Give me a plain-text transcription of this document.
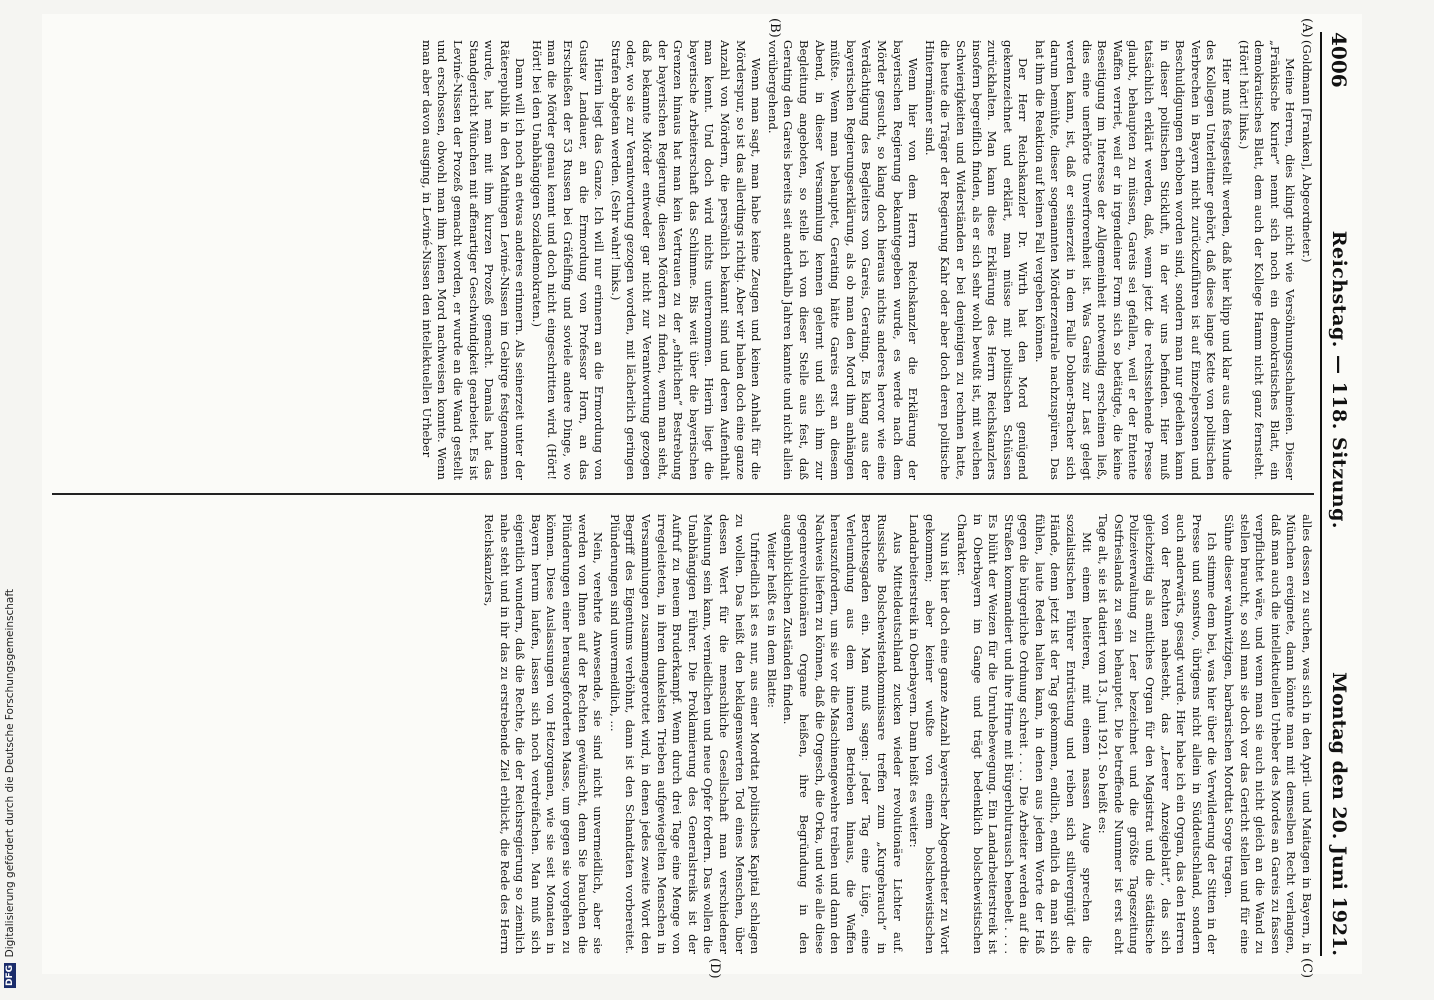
4006
Reichstag. — 118. Sitzung.
Montag den 20. Juni 1921.
(A)
(B)
(C)
(D)

(Goldmann [Franken], Abgeordneter.)

Meine Herren, dies klingt nicht wie Versöhnungsschalmeien. Dieser „Fränkische Kurier“ nennt sich noch ein demokratisches Blatt, ein demokratisches Blatt, dem auch der Kollege Hamm nicht ganz fernsteht. (Hört! hört! links.)

Hier muß festgestellt werden, daß hier klipp und klar aus dem Munde des Kollegen Unterleitner gehört, daß diese lange Kette von politischen Verbrechen in Bayern nicht zurückzuführen ist auf Einzelpersonen und Beschuldigungen erhoben worden sind, sondern man nur gedeihen kann in dieser politischen Stickluft, in der wir uns befinden. Hier muß tatsächlich erklärt werden, daß, wenn jetzt die rechtsstehende Presse glaubt, behaupten zu müssen, Gareis sei gefallen, weil er der Entente Waffen verriet, weil er in irgendeiner Form sich so betätigte, die keine Beseitigung im Interesse der Allgemeinheit notwendig erscheinen ließ, dies eine unerhörte Unverfrorenheit ist. Was Gareis zur Last gelegt werden kann, ist, daß er seinerzeit in dem Falle Dobner-Bracher sich darum bemühte, dieser sogenannten Mörderzentrale nachzuspüren. Das hat ihm die Reaktion auf keinen Fall vergeben können.

Der Herr Reichskanzler Dr. Wirth hat den Mord genügend gekennzeichnet und erklärt, man müsse mit politischen Schüssen zurückhalten. Man kann diese Erklärung des Herrn Reichskanzlers insofern begreiflich finden, als er sich sehr wohl bewußt ist, mit welchen Schwierigkeiten und Widerständen er bei denjenigen zu rechnen hatte, die heute die Träger der Regierung Kahr oder aber doch deren politische Hintermänner sind.

Wenn hier von dem Herrn Reichskanzler die Erklärung der bayerischen Regierung bekanntgegeben wurde, es werde nach dem Mörder gesucht, so klang doch hieraus nichts anderes hervor wie eine Verdächtigung des Begleiters von Gareis, Gerating. Es klang aus der bayerischen Regierungserklärung, als ob man den Mord ihm anhängen müßte. Wenn man behauptet, Gerating hätte Gareis erst an diesem Abend, in dieser Versammlung kennen gelernt und sich ihm zur Begleitung angeboten, so stelle ich von dieser Stelle aus fest, daß Gerating den Gareis bereits seit anderthalb Jahren kannte und nicht allein vorübergehend.

Wenn man sagt, man habe keine Zeugen und keinen Anhalt für die Mörderspur, so ist das allerdings richtig. Aber wir haben doch eine ganze Anzahl von Mördern, die persönlich bekannt sind und deren Aufenthalt man kennt. Und doch wird nichts unternommen. Hierin liegt die bayerische Arbeiterschaft das Schlimme. Bis weit über die bayerischen Grenzen hinaus hat man kein Vertrauen zu der „ehrlichen“ Bestrebung der bayerischen Regierung, diesen Mördern zu finden, wenn man sieht, daß bekannte Mörder entweder gar nicht zur Verantwortung gezogen oder, wo sie zur Verantwortung gezogen worden, mit lächerlich geringen Strafen abgetan werden. (Sehr wahr! links.)

Hierin liegt das Ganze. Ich will nur erinnern an die Ermordung von Gustav Landauer, an die Ermordung von Professor Horn, an das Erschießen der 53 Russen bei Gräfelfing und soviele andere Dinge, wo man die Mörder genau kennt und doch nicht eingeschritten wird. (Hört! Hört! bei den Unabhängigen Sozialdemokraten.)

Dann will ich noch an etwas anderes erinnern. Als seinerzeit unter der Räterepublik in den Mathingen Leviné-Nissen im Gebirge festgenommen wurde, hat man mit ihm kurzen Prozeß gemacht. Damals hat das Standgericht München mit affenartiger Geschwindigkeit gearbeitet. Es ist Leviné-Nissen der Prozeß gemacht worden, er wurde an die Wand gestellt und erschossen, obwohl man ihm keinen Mord nachweisen konnte. Wenn man aber davon ausging, in Leviné-Nissen den intellektuellen Urheber

alles dessen zu suchen, was sich in den April- und Maitagen in Bayern, in München ereignete, dann könnte man mit demselben Recht verlangen, daß man auch die intellektuellen Urheber des Mordes an Gareis zu fassen verpflichtet wäre, und wenn man sie auch nicht gleich an die Wand zu stellen braucht, so soll man sie doch vor das Gericht stellen und für eine Sühne dieser wahnwitzigen, barbarischen Mordtat Sorge tragen.

Ich stimme dem bei, was hier über die Verwilderung der Sitten in der Presse und sonstwo, übrigens nicht allein in Süddeutschland, sondern auch anderwärts, gesagt wurde. Hier habe ich ein Organ, das den Herren von der Rechten nahesteht, das „Leerer Anzeigeblatt“, das sich gleichzeitig als amtliches Organ für den Magistrat und die städtische Polizeiverwaltung zu Leer bezeichnet und die größte Tageszeitung Ostfrieslands zu sein behauptet. Die betreffende Nummer ist erst acht Tage alt, sie ist datiert vom 13. Juni 1921. So heißt es:

Mit einem heiteren, mit einem nassen Auge sprechen die sozialistischen Führer Entrüstung und reiben sich stillvergnügt die Hände, denn jetzt ist der Tag gekommen, endlich, endlich da man sich fühlen, laute Reden halten kann, in denen aus jedem Worte der Haß gegen die bürgerliche Ordnung schreit . . . . Die Arbeiter werden auf die Straßen kommandiert und ihre Hirne mit Bürgerblutrausch benebelt . . . . Es blüht der Weizen für die Unruhebewegung. Ein Landarbeiterstreik ist in Oberbayern im Gange und trägt bedenklich bolschewistischen Charakter.

Nun ist hier doch eine ganze Anzahl bayerischer Abgeordneter zu Wort gekommen; aber keiner wußte von einem bolschewistischen Landarbeiterstreik in Oberbayern. Dann heißt es weiter:

Aus Mitteldeutschland zucken wieder revolutionäre Lichter auf. Russische Bolschewistenkommissare treffen zum „Kurgebrauch“ in Berchtesgaden ein. Man muß sagen: Jeder Tag eine Lüge, eine Verleumdung aus dem inneren Betrieben hinaus, die Waffen herauszufordern, um sie vor die Maschinengewehre treiben und dann den Nachweis liefern zu können, daß die Orgesch, die Orka, und wie alle diese gegenrevolutionären Organe heißen, ihre Begründung in den augenblicklichen Zuständen finden.

Weiter heißt es in dem Blatte:

Unfriedlich ist es nur, aus einer Mordtat politisches Kapital schlagen zu wollen. Das heißt den beklagenswerten Tod eines Menschen, über dessen Wert für die menschliche Gesellschaft man verschiedener Meinung sein kann, verniedlichen und neue Opfer fordern. Das wollen die Unabhängigen Führer. Die Proklamierung des Generalstreiks ist der Aufruf zu neuem Bruderkampf. Wenn durch drei Tage eine Menge von irregeleiteten, in ihren dunkelsten Trieben aufgewiegelten Menschen in Versammlungen zusammengerottet wird, in denen jedes zweite Wort den Begriff des Eigentums verhöhnt, dann ist den Schandtaten vorbereitet. Plünderungen sind unvermeidlich, ...

Nein, verehrte Anwesende, sie sind nicht unvermeidlich, aber sie werden von Ihnen auf der Rechten gewünscht, denn Sie brauchen die Plünderungen einer herausgeforderten Masse, um gegen sie vorgehen zu können. Diese Auslassungen von Hetzorganen, wie sie seit Monaten in Bayern herum laufen, lassen sich noch verdreifachen. Man muß sich eigentlich wundern, daß die Rechte, die der Reichsregierung so ziemlich nahe steht und in ihr das zu erstrebende Ziel erblickt, die Rede des Herrn Reichskanzlers,

Digitalisierung gefördert durch die Deutsche Forschungsgemeinschaft
DFG
